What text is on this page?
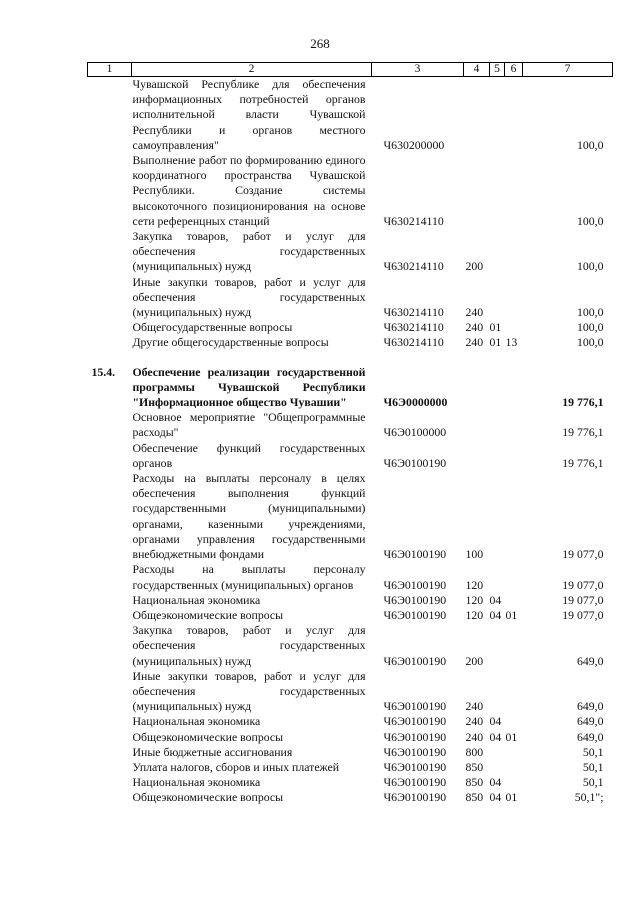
268
1	2	3	4	5	6	7
	Чувашской Республике для обеспечения информационных потребностей органов исполнительной власти Чувашской Республики и органов местного самоуправления"	Ч630200000				100,0
	Выполнение работ по формированию единого координатного пространства Чувашской Республики. Создание системы высокоточного позиционирования на основе сети референцных станций	Ч630214110				100,0
	Закупка товаров, работ и услуг для обеспечения государственных (муниципальных) нужд	Ч630214110	200			100,0
	Иные закупки товаров, работ и услуг для обеспечения государственных (муниципальных) нужд	Ч630214110	240			100,0
	Общегосударственные вопросы	Ч630214110	240	01		100,0
	Другие общегосударственные вопросы	Ч630214110	240	01	13	100,0

15.4.	Обеспечение реализации государственной программы Чувашской Республики "Информационное общество Чувашии"	Ч6Э0000000				19 776,1
	Основное мероприятие "Общепрограммные расходы"	Ч6Э0100000				19 776,1
	Обеспечение функций государственных органов	Ч6Э0100190				19 776,1
	Расходы на выплаты персоналу в целях обеспечения выполнения функций государственными (муниципальными) органами, казенными учреждениями, органами управления государственными внебюджетными фондами	Ч6Э0100190	100			19 077,0
	Расходы на выплаты персоналу государственных (муниципальных) органов	Ч6Э0100190	120			19 077,0
	Национальная экономика	Ч6Э0100190	120	04		19 077,0
	Общеэкономические вопросы	Ч6Э0100190	120	04	01	19 077,0
	Закупка товаров, работ и услуг для обеспечения государственных (муниципальных) нужд	Ч6Э0100190	200			649,0
	Иные закупки товаров, работ и услуг для обеспечения государственных (муниципальных) нужд	Ч6Э0100190	240			649,0
	Национальная экономика	Ч6Э0100190	240	04		649,0
	Общеэкономические вопросы	Ч6Э0100190	240	04	01	649,0
	Иные бюджетные ассигнования	Ч6Э0100190	800			50,1
	Уплата налогов, сборов и иных платежей	Ч6Э0100190	850			50,1
	Национальная экономика	Ч6Э0100190	850	04		50,1
	Общеэкономические вопросы	Ч6Э0100190	850	04	01	50,1";
